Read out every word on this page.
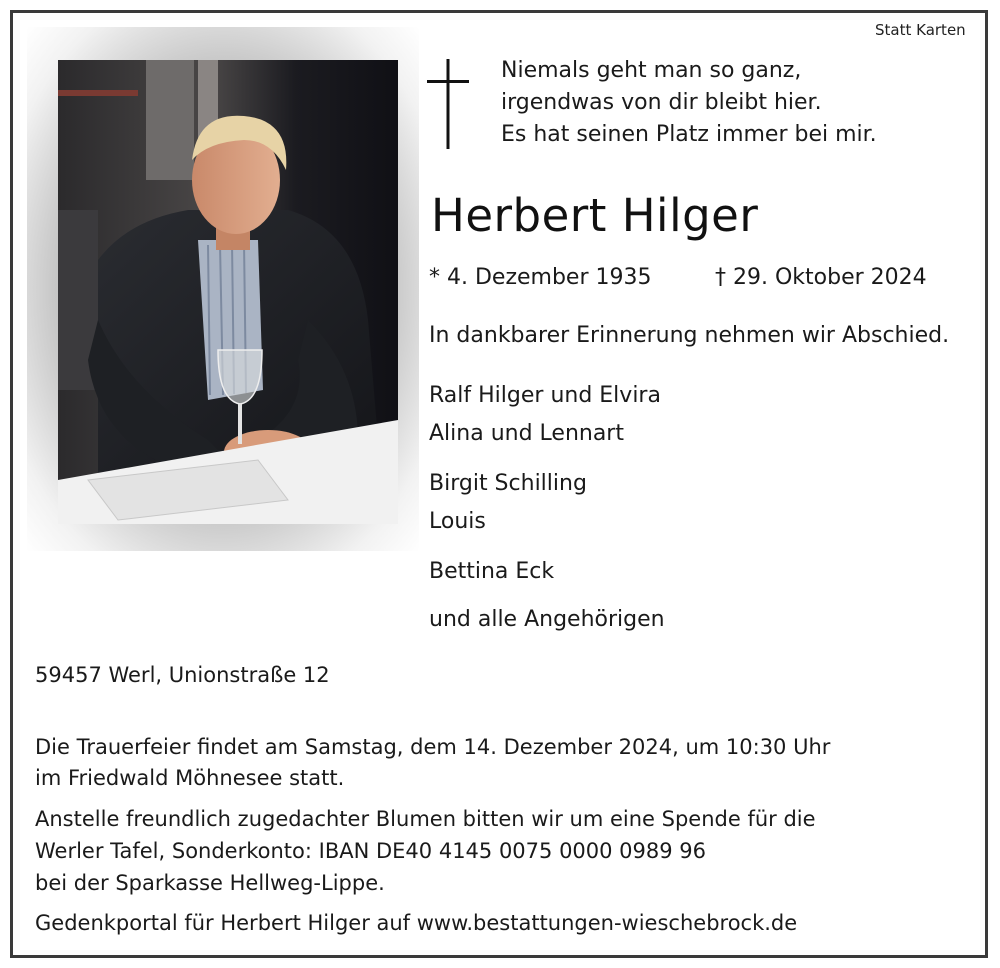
Statt Karten
Niemals geht man so ganz,
irgendwas von dir bleibt hier.
Es hat seinen Platz immer bei mir.
Herbert Hilger
* 4. Dezember 1935	† 29. Oktober 2024
In dankbarer Erinnerung nehmen wir Abschied.
Ralf Hilger und Elvira
Alina und Lennart
Birgit Schilling
Louis
Bettina Eck
und alle Angehörigen
59457 Werl, Unionstraße 12
Die Trauerfeier findet am Samstag, dem 14. Dezember 2024, um 10:30 Uhr
im Friedwald Möhnesee statt.
Anstelle freundlich zugedachter Blumen bitten wir um eine Spende für die
Werler Tafel, Sonderkonto: IBAN DE40 4145 0075 0000 0989 96
bei der Sparkasse Hellweg-Lippe.
Gedenkportal für Herbert Hilger auf www.bestattungen-wieschebrock.de
